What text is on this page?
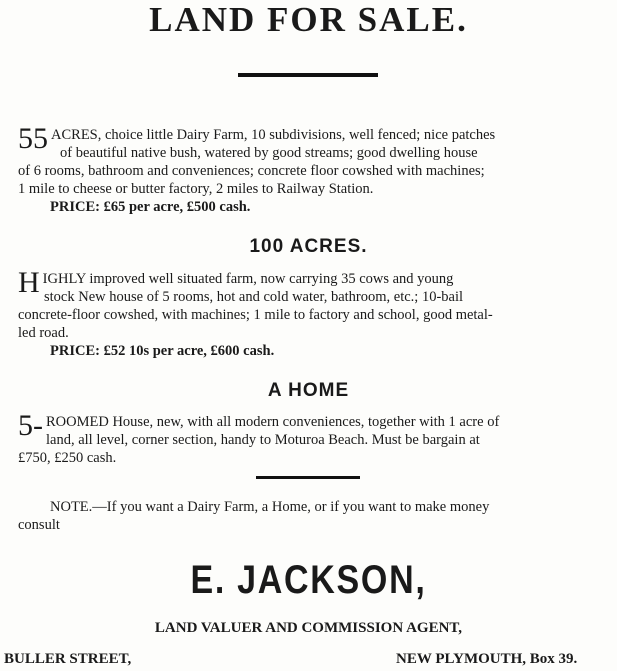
LAND FOR SALE.
55 ACRES, choice little Dairy Farm, 10 subdivisions, well fenced; nice patches
of beautiful native bush, watered by good streams; good dwelling house
of 6 rooms, bathroom and conveniences; concrete floor cowshed with machines;
1 mile to cheese or butter factory, 2 miles to Railway Station.
PRICE: £65 per acre, £500 cash.
100 ACRES.
H IGHLY improved well situated farm, now carrying 35 cows and young
stock New house of 5 rooms, hot and cold water, bathroom, etc.; 10-bail
concrete-floor cowshed, with machines; 1 mile to factory and school, good metal-
led road.
PRICE: £52 10s per acre, £600 cash.
A HOME
5- ROOMED House, new, with all modern conveniences, together with 1 acre of
land, all level, corner section, handy to Moturoa Beach. Must be bargain at
£750, £250 cash.
NOTE.—If you want a Dairy Farm, a Home, or if you want to make money
consult
E. JACKSON,
LAND VALUER AND COMMISSION AGENT,
BULLER STREET,	NEW PLYMOUTH, Box 39.
